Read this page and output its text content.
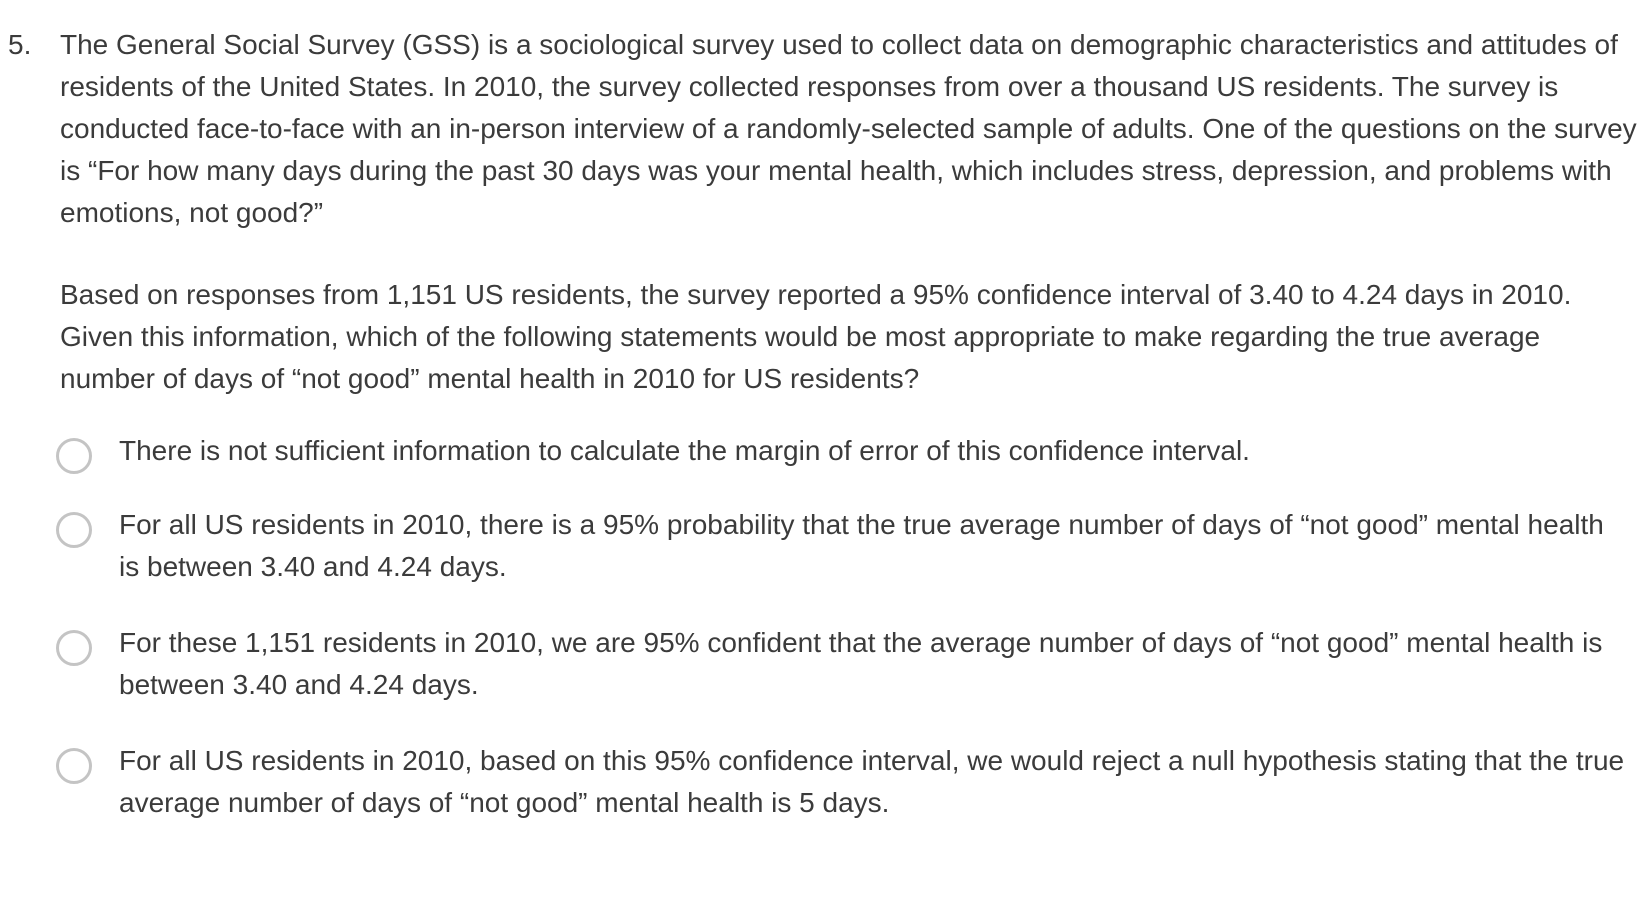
5. The General Social Survey (GSS) is a sociological survey used to collect data on demographic characteristics and attitudes of residents of the United States. In 2010, the survey collected responses from over a thousand US residents. The survey is conducted face-to-face with an in-person interview of a randomly-selected sample of adults. One of the questions on the survey is “For how many days during the past 30 days was your mental health, which includes stress, depression, and problems with emotions, not good?”

Based on responses from 1,151 US residents, the survey reported a 95% confidence interval of 3.40 to 4.24 days in 2010. Given this information, which of the following statements would be most appropriate to make regarding the true average number of days of “not good” mental health in 2010 for US residents?

There is not sufficient information to calculate the margin of error of this confidence interval.
For all US residents in 2010, there is a 95% probability that the true average number of days of “not good” mental health is between 3.40 and 4.24 days.
For these 1,151 residents in 2010, we are 95% confident that the average number of days of “not good” mental health is between 3.40 and 4.24 days.
For all US residents in 2010, based on this 95% confidence interval, we would reject a null hypothesis stating that the true average number of days of “not good” mental health is 5 days.
